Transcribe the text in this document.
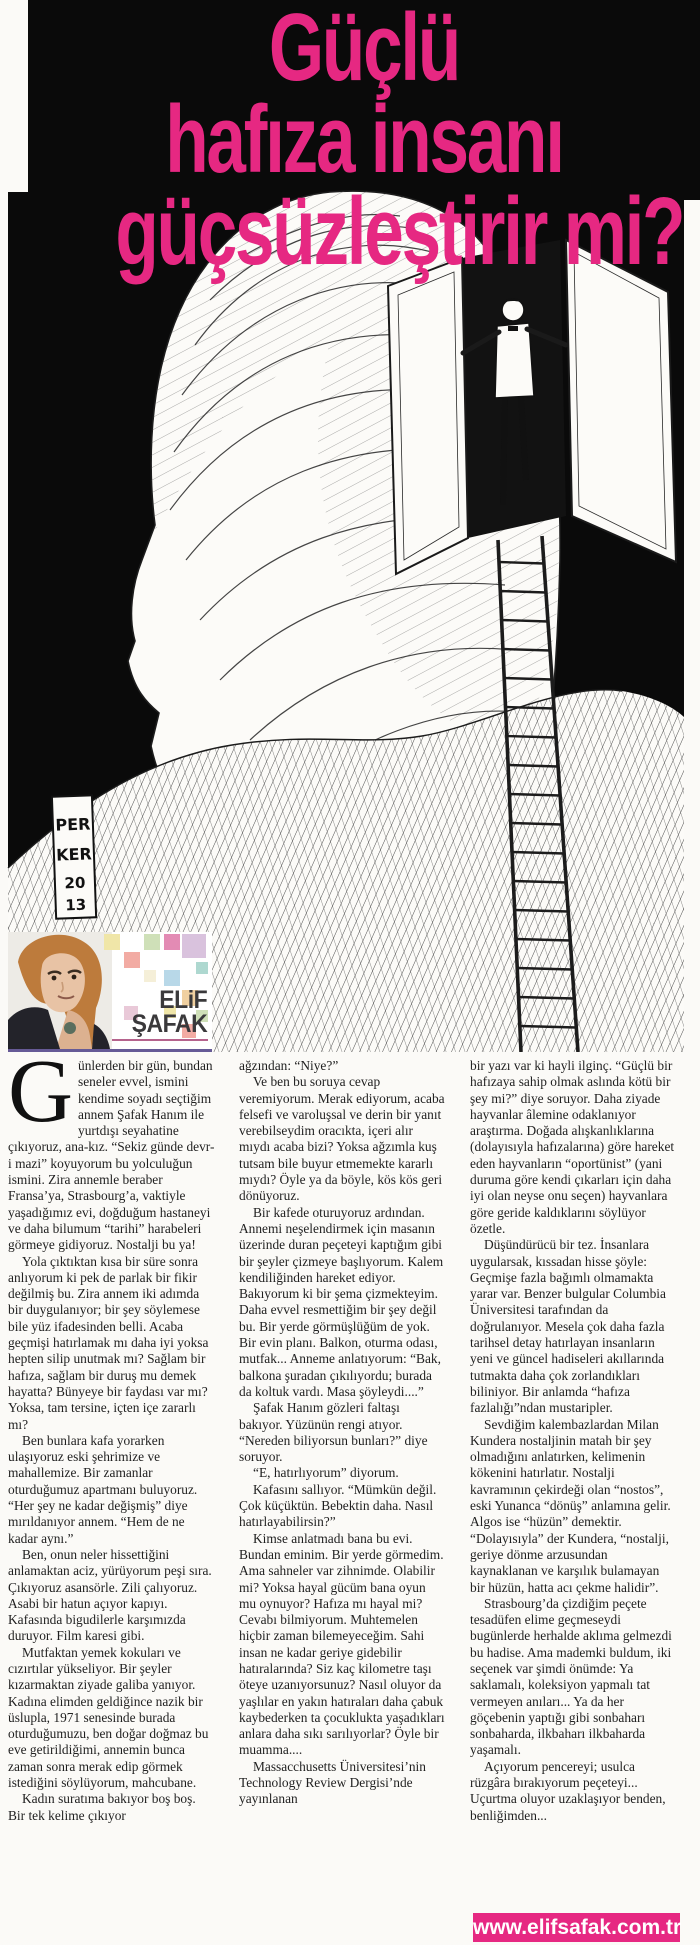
PER
KER
20
13
Güçlü
hafıza insanı
güçsüzleştirir mi?
ELiF
ŞAFAK

Günlerden bir gün, bundan seneler evvel, ismini kendime soyadı seçtiğim annem Şafak Hanım ile yurtdışı seyahatine çıkıyoruz, ana-kız. “Sekiz günde devr-i mazi” koyuyorum bu yolculuğun ismini. Zira annemle beraber Fransa’ya, Strasbourg’a, vaktiyle yaşadığımız evi, doğduğum hastaneyi ve daha bilumum “tarihi” harabeleri görmeye gidiyoruz. Nostalji bu ya!

Yola çıktıktan kısa bir süre sonra anlıyorum ki pek de parlak bir fikir değilmiş bu. Zira annem iki adımda bir duygulanıyor; bir şey söylemese bile yüz ifadesinden belli. Acaba geçmişi hatırlamak mı daha iyi yoksa hepten silip unutmak mı? Sağlam bir hafıza, sağlam bir duruş mu demek hayatta? Bünyeye bir faydası var mı? Yoksa, tam tersine, içten içe zararlı mı?

Ben bunlara kafa yorarken ulaşıyoruz eski şehrimize ve mahallemize. Bir zamanlar oturduğumuz apartmanı buluyoruz. “Her şey ne kadar değişmiş” diye mırıldanıyor annem. “Hem de ne kadar aynı.”

Ben, onun neler hissettiğini anlamaktan aciz, yürüyorum peşi sıra. Çıkıyoruz asansörle. Zili çalıyoruz. Asabi bir hatun açıyor kapıyı. Kafasında bigudilerle karşımızda duruyor. Film karesi gibi.

Mutfaktan yemek kokuları ve cızırtılar yükseliyor. Bir şeyler kızarmaktan ziyade galiba yanıyor. Kadına elimden geldiğince nazik bir üslupla, 1971 senesinde burada oturduğumuzu, ben doğar doğmaz bu eve getirildiğimi, annemin bunca zaman sonra merak edip görmek istediğini söylüyorum, mahcubane.

Kadın suratıma bakıyor boş boş. Bir tek kelime çıkıyor

ağzından: “Niye?”

Ve ben bu soruya cevap veremiyorum. Merak ediyorum, acaba felsefi ve varoluşsal ve derin bir yanıt verebilseydim oracıkta, içeri alır mıydı acaba bizi? Yoksa ağzımla kuş tutsam bile buyur etmemekte kararlı mıydı? Öyle ya da böyle, kös kös geri dönüyoruz.

Bir kafede oturuyoruz ardından. Annemi neşelendirmek için masanın üzerinde duran peçeteyi kaptığım gibi bir şeyler çizmeye başlıyorum. Kalem kendiliğinden hareket ediyor. Bakıyorum ki bir şema çizmekteyim. Daha evvel resmettiğim bir şey değil bu. Bir yerde görmüşlüğüm de yok. Bir evin planı. Balkon, oturma odası, mutfak... Anneme anlatıyorum: “Bak, balkona şuradan çıkılıyordu; burada da koltuk vardı. Masa şöyleydi....”

Şafak Hanım gözleri faltaşı bakıyor. Yüzünün rengi atıyor. “Nereden biliyorsun bunları?” diye soruyor.

“E, hatırlıyorum” diyorum.

Kafasını sallıyor. “Mümkün değil. Çok küçüktün. Bebektin daha. Nasıl hatırlayabilirsin?”

Kimse anlatmadı bana bu evi. Bundan eminim. Bir yerde görmedim. Ama sahneler var zihnimde. Olabilir mi? Yoksa hayal gücüm bana oyun mu oynuyor? Hafıza mı hayal mi? Cevabı bilmiyorum. Muhtemelen hiçbir zaman bilemeyeceğim. Sahi insan ne kadar geriye gidebilir hatıralarında? Siz kaç kilometre taşı öteye uzanıyorsunuz? Nasıl oluyor da yaşlılar en yakın hatıraları daha çabuk kaybederken ta çocuklukta yaşadıkları anlara daha sıkı sarılıyorlar? Öyle bir muamma....

Massacchusetts Üniversitesi’nin Technology Review Dergisi’nde yayınlanan

bir yazı var ki hayli ilginç. “Güçlü bir hafızaya sahip olmak aslında kötü bir şey mi?” diye soruyor. Daha ziyade hayvanlar âlemine odaklanıyor araştırma. Doğada alışkanlıklarına (dolayısıyla hafızalarına) göre hareket eden hayvanların “oportünist” (yani duruma göre kendi çıkarları için daha iyi olan neyse onu seçen) hayvanlara göre geride kaldıklarını söylüyor özetle.

Düşündürücü bir tez. İnsanlara uygularsak, kıssadan hisse şöyle: Geçmişe fazla bağımlı olmamakta yarar var. Benzer bulgular Columbia Üniversitesi tarafından da doğrulanıyor. Mesela çok daha fazla tarihsel detay hatırlayan insanların yeni ve güncel hadiseleri akıllarında tutmakta daha çok zorlandıkları biliniyor. Bir anlamda “hafıza fazlalığı”ndan mustaripler.

Sevdiğim kalembazlardan Milan Kundera nostaljinin matah bir şey olmadığını anlatırken, kelimenin kökenini hatırlatır. Nostalji kavramının çekirdeği olan “nostos”, eski Yunanca “dönüş” anlamına gelir. Algos ise “hüzün” demektir. “Dolayısıyla” der Kundera, “nostalji, geriye dönme arzusundan kaynaklanan ve karşılık bulamayan bir hüzün, hatta acı çekme halidir”.

Strasbourg’da çizdiğim peçete tesadüfen elime geçmeseydi bugünlerde herhalde aklıma gelmezdi bu hadise. Ama mademki buldum, iki seçenek var şimdi önümde: Ya saklamalı, koleksiyon yapmalı tat vermeyen anıları... Ya da her göçebenin yaptığı gibi sonbaharı sonbaharda, ilkbaharı ilkbaharda yaşamalı.

Açıyorum pencereyi; usulca rüzgâra bırakıyorum peçeteyi... Uçurtma oluyor uzaklaşıyor benden, benliğimden...

www.elifsafak.com.tr
